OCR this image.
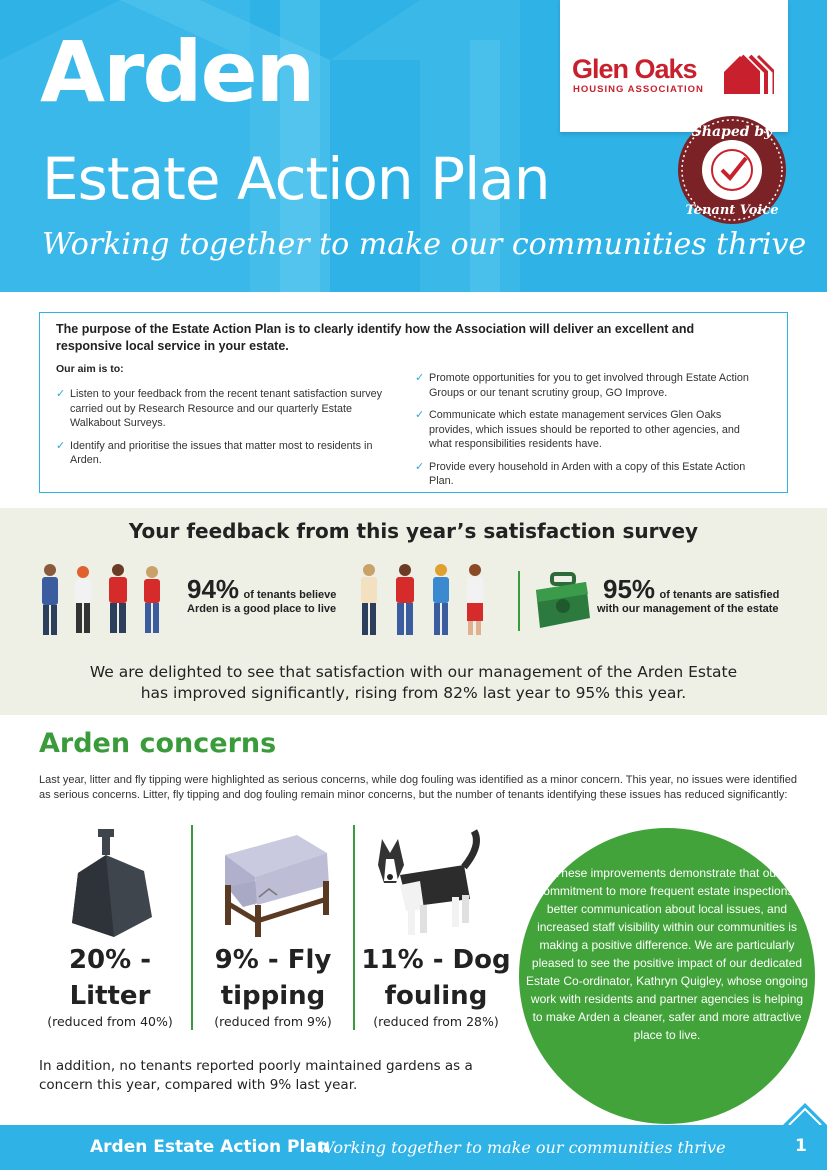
Arden
Estate Action Plan
Working together to make our communities thrive
Glen Oaks
HOUSING ASSOCIATION
Shaped by
Tenant Voice
The purpose of the Estate Action Plan is to clearly identify how the Association will deliver an excellent and responsive local service in your estate.
Our aim is to:
✓ Listen to your feedback from the recent tenant satisfaction survey carried out by Research Resource and our quarterly Estate Walkabout Surveys.
✓ Identify and prioritise the issues that matter most to residents in Arden.
✓ Promote opportunities for you to get involved through Estate Action Groups or our tenant scrutiny group, GO Improve.
✓ Communicate which estate management services Glen Oaks provides, which issues should be reported to other agencies, and what responsibilities residents have.
✓ Provide every household in Arden with a copy of this Estate Action Plan.
Your feedback from this year’s satisfaction survey
94% of tenants believe
Arden is a good place to live
95% of tenants are satisfied
with our management of the estate
We are delighted to see that satisfaction with our management of the Arden Estate
has improved significantly, rising from 82% last year to 95% this year.
Arden concerns
Last year, litter and fly tipping were highlighted as serious concerns, while dog fouling was identified as a minor concern. This year, no issues were identified as serious concerns. Litter, fly tipping and dog fouling remain minor concerns, but the number of tenants identifying these issues has reduced significantly:
20% -
Litter
(reduced from 40%)
9% - Fly
tipping
(reduced from 9%)
11% - Dog
fouling
(reduced from 28%)
In addition, no tenants reported poorly maintained gardens as a concern this year, compared with 9% last year.
These improvements demonstrate that our commitment to more frequent estate inspections, better communication about local issues, and increased staff visibility within our communities is making a positive difference. We are particularly pleased to see the positive impact of our dedicated Estate Co-ordinator, Kathryn Quigley, whose ongoing work with residents and partner agencies is helping to make Arden a cleaner, safer and more attractive place to live.
Arden Estate Action Plan
Working together to make our communities thrive	1
